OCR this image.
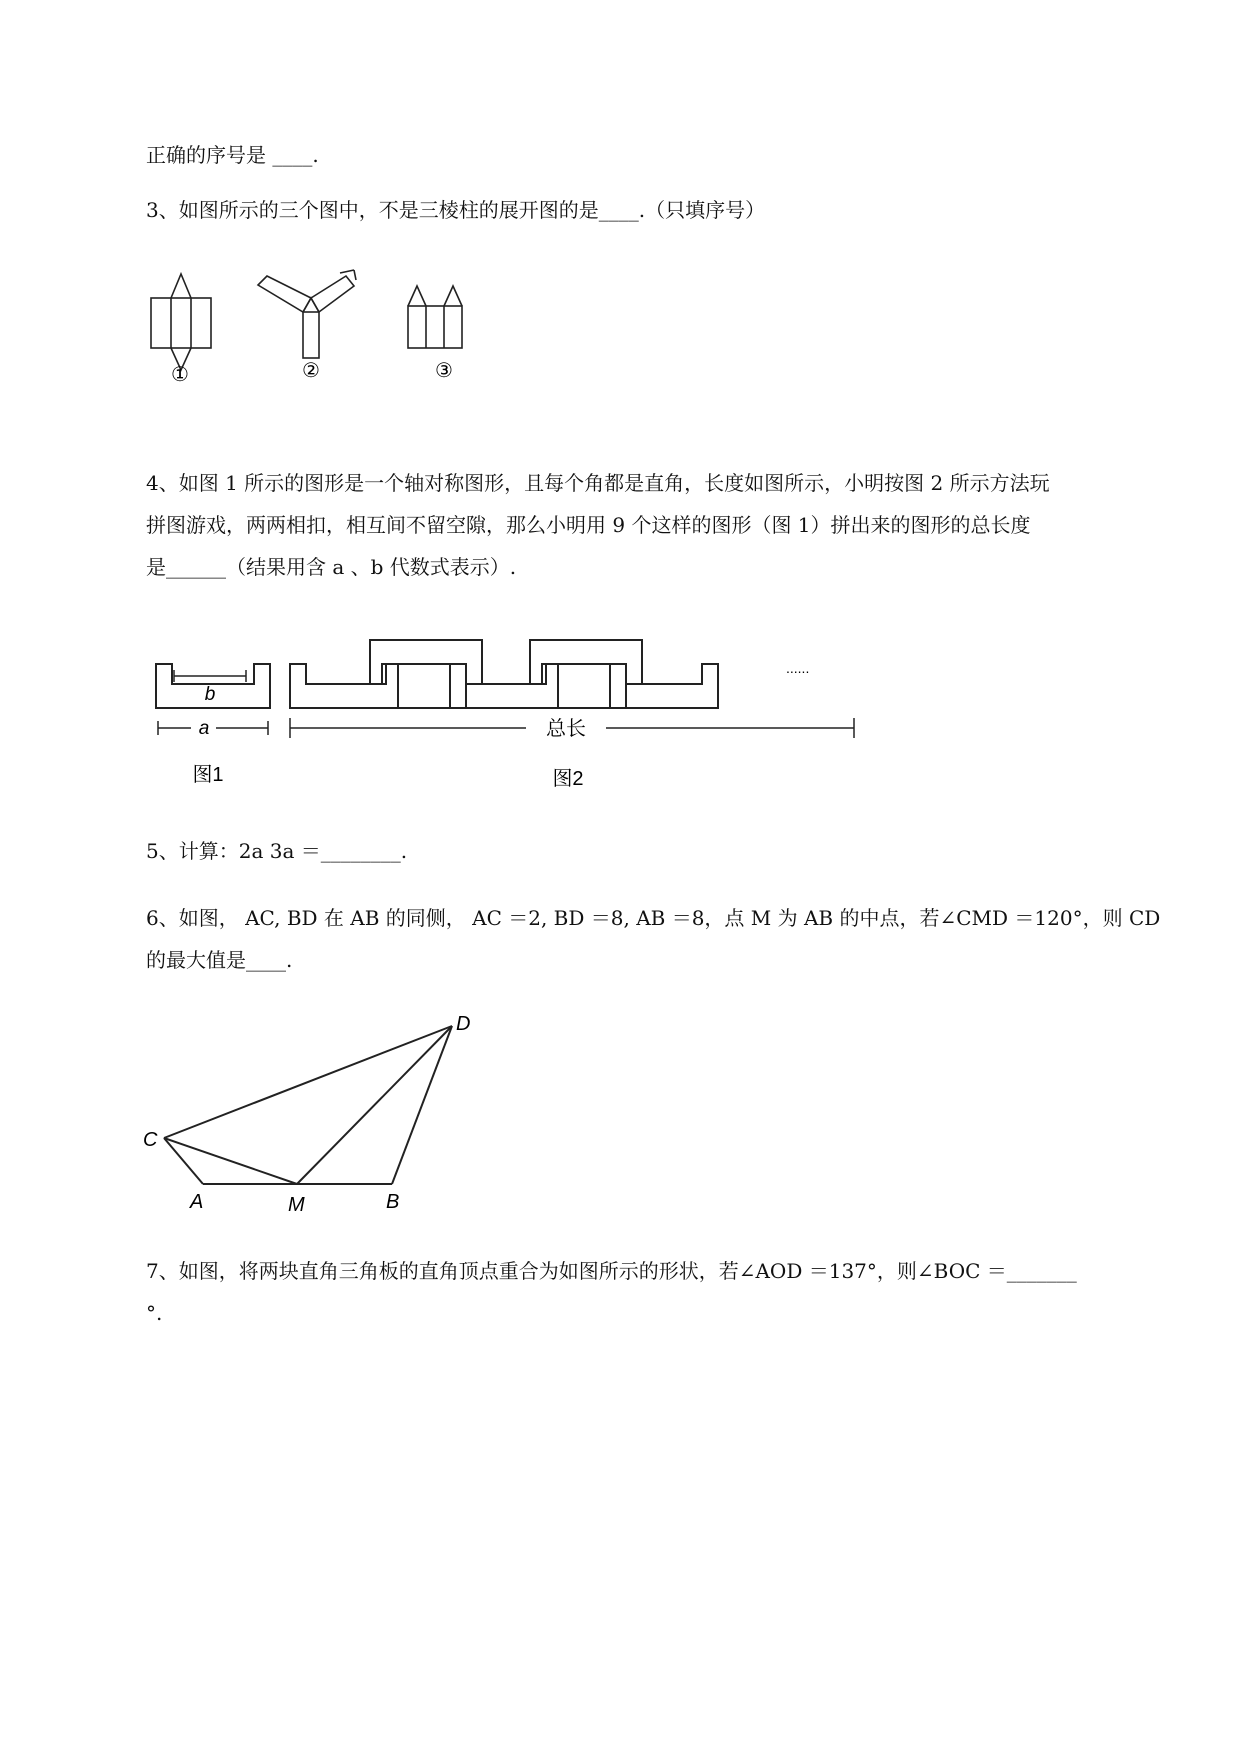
正确的序号是 ____.
3、如图所示的三个图中，不是三棱柱的展开图的是____.（只填序号）
①	②	③
4、如图 1 所示的图形是一个轴对称图形，且每个角都是直角，长度如图所示，小明按图 2 所示方法玩
拼图游戏，两两相扣，相互间不留空隙，那么小明用 9 个这样的图形（图 1）拼出来的图形的总长度
是______（结果用含 a 、b 代数式表示）.
b
a	总长
图1	图2
......
5、计算：2a 3a ＝________.
6、如图， AC, BD 在 AB 的同侧， AC ＝2, BD ＝8, AB ＝8，点 M 为 AB 的中点，若∠CMD ＝120°，则 CD
的最大值是____.
D
C
A	M	B
7、如图，将两块直角三角板的直角顶点重合为如图所示的形状，若∠AOD ＝137°，则∠BOC ＝_______
°.
